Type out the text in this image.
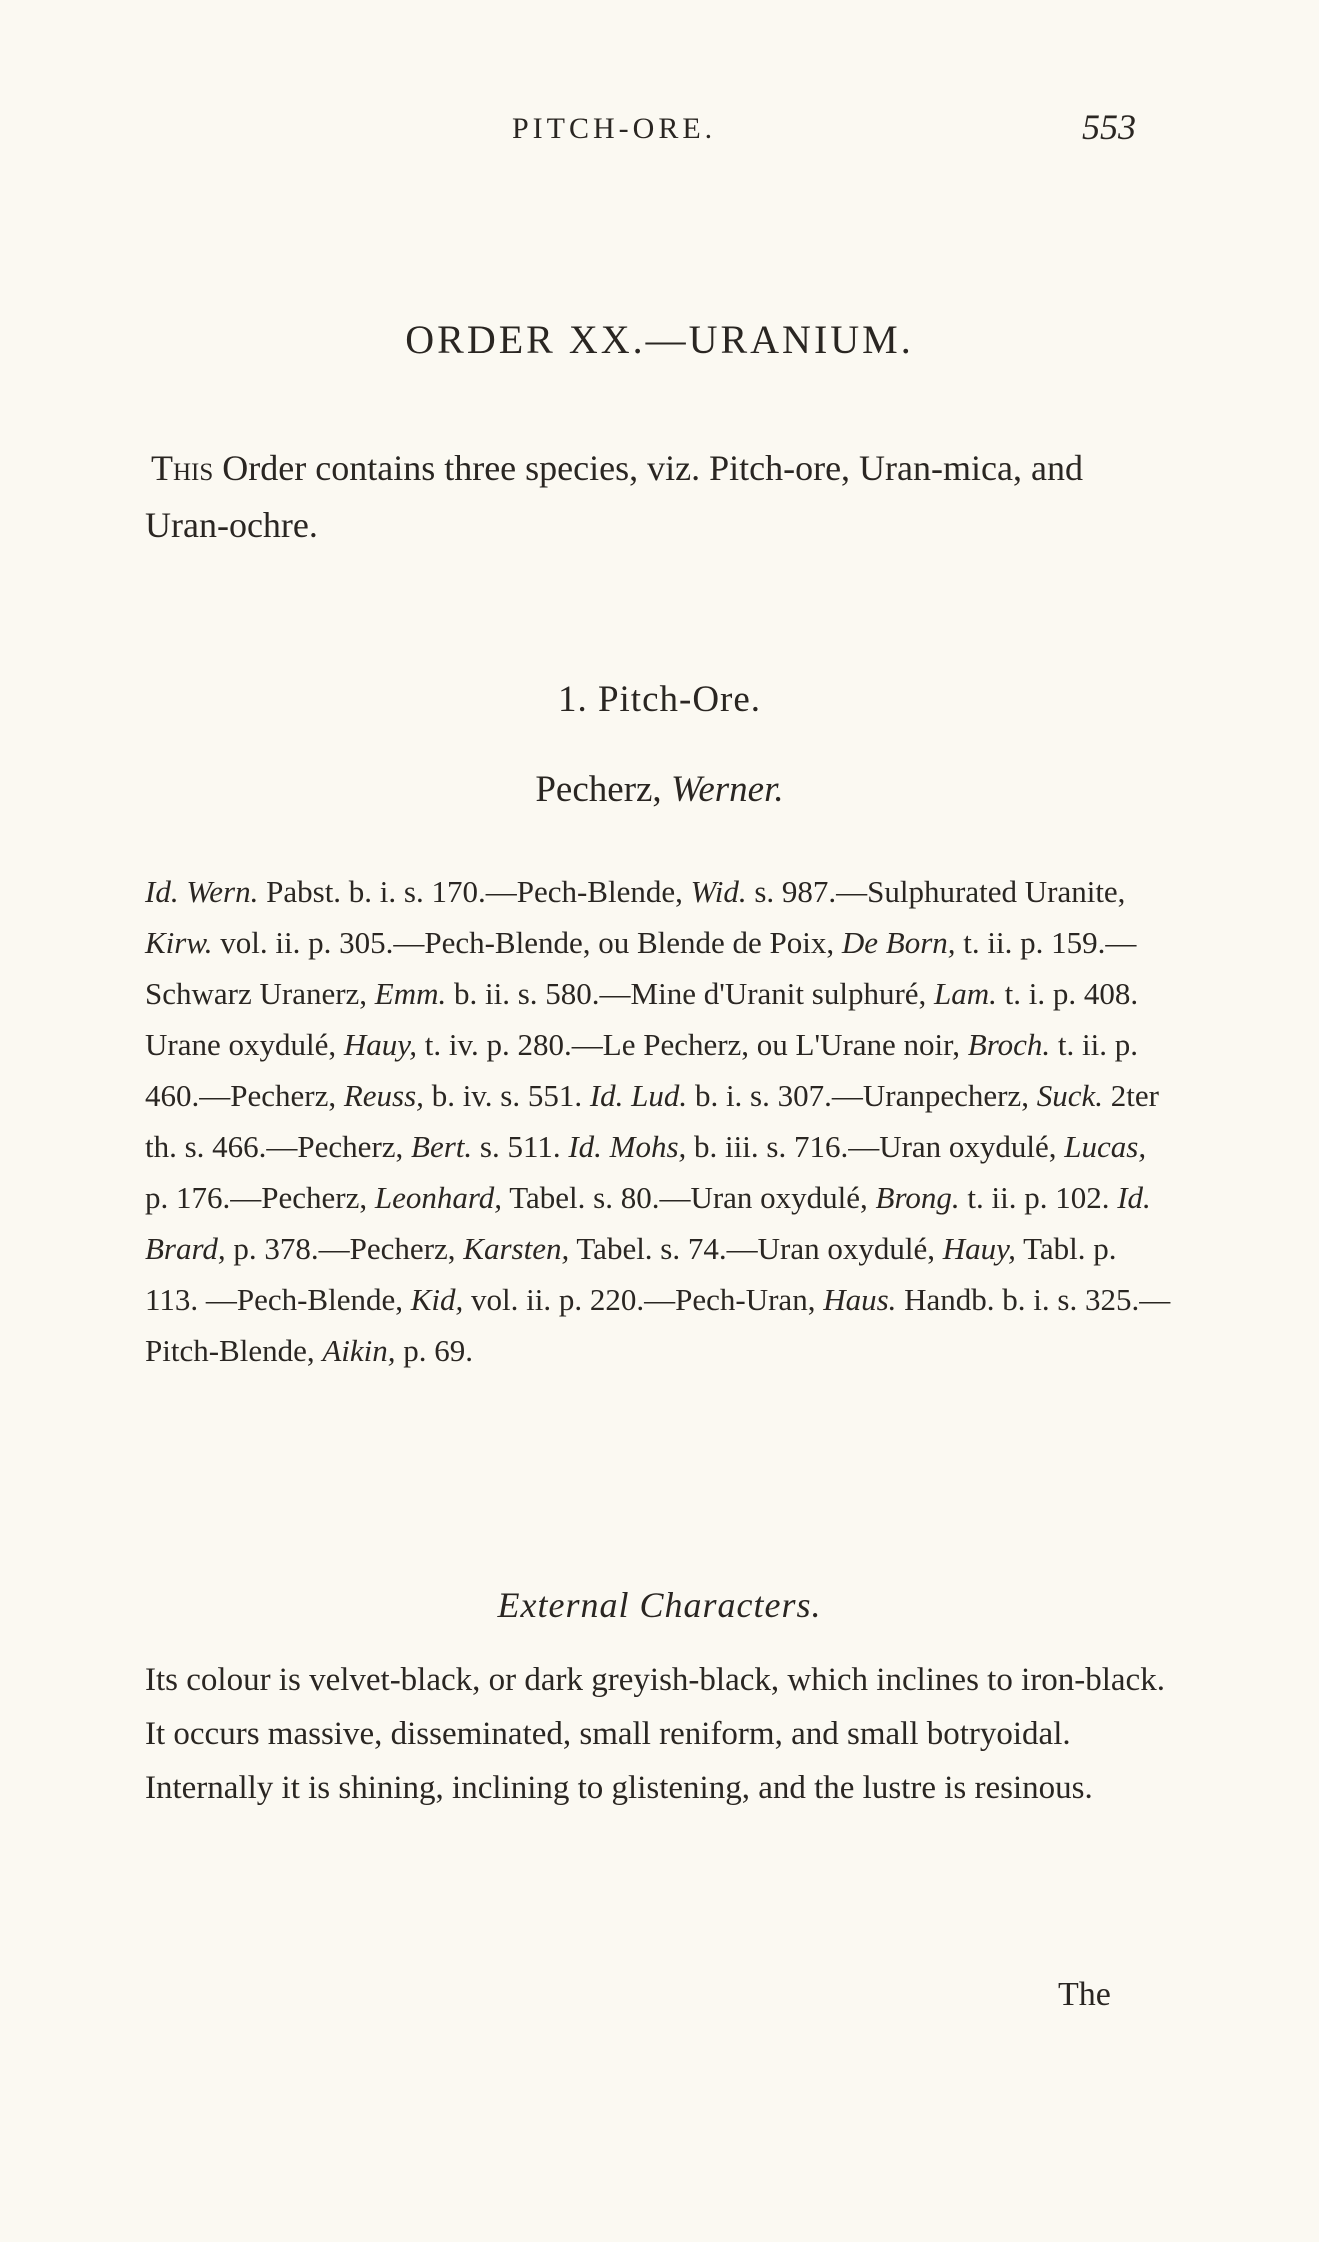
PITCH-ORE.	553
ORDER XX.—URANIUM.
This Order contains three species, viz. Pitch-ore, Uran-mica, and Uran-ochre.
1. Pitch-Ore.
Pecherz, Werner.
Id. Wern. Pabst. b. i. s. 170.—Pech-Blende, Wid. s. 987.—Sulphurated Uranite, Kirw. vol. ii. p. 305.—Pech-Blende, ou Blende de Poix, De Born, t. ii. p. 159.—Schwarz Uranerz, Emm. b. ii. s. 580.—Mine d'Uranit sulphuré, Lam. t. i. p. 408. Urane oxydulé, Hauy, t. iv. p. 280.—Le Pecherz, ou L'Urane noir, Broch. t. ii. p. 460.—Pecherz, Reuss, b. iv. s. 551. Id. Lud. b. i. s. 307.—Uranpecherz, Suck. 2ter th. s. 466.—Pecherz, Bert. s. 511. Id. Mohs, b. iii. s. 716.—Uran oxydulé, Lucas, p. 176.—Pecherz, Leonhard, Tabel. s. 80.—Uran oxydulé, Brong. t. ii. p. 102. Id. Brard, p. 378.—Pecherz, Karsten, Tabel. s. 74.—Uran oxydulé, Hauy, Tabl. p. 113. —Pech-Blende, Kid, vol. ii. p. 220.—Pech-Uran, Haus. Handb. b. i. s. 325.—Pitch-Blende, Aikin, p. 69.
External Characters.

Its colour is velvet-black, or dark greyish-black, which inclines to iron-black.

It occurs massive, disseminated, small reniform, and small botryoidal.

Internally it is shining, inclining to glistening, and the lustre is resinous.

The
